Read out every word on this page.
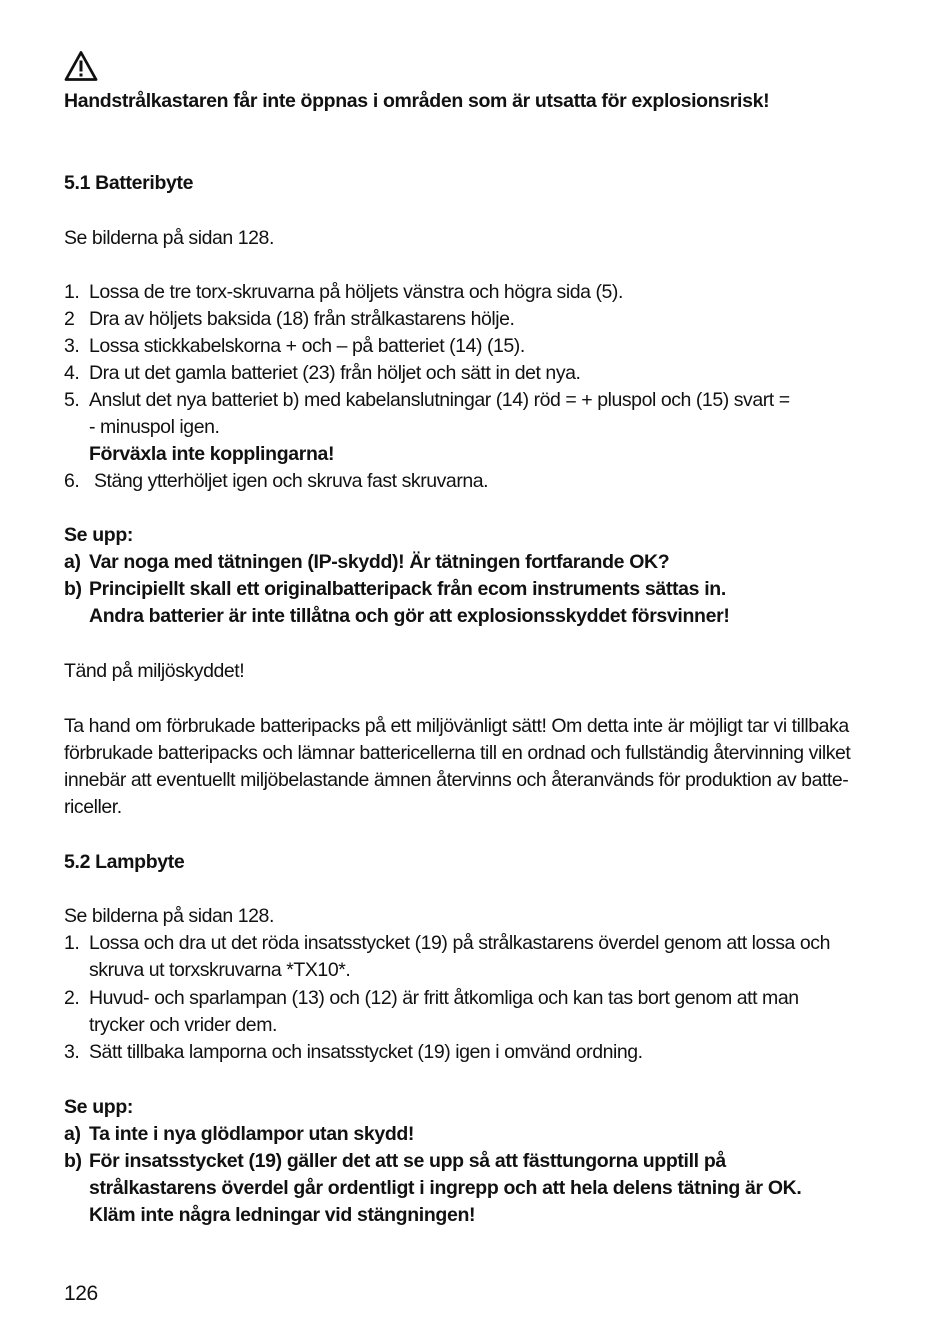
Handstrålkastaren får inte öppnas i områden som är utsatta för explosionsrisk!
5.1 Batteribyte
Se bilderna på sidan 128.
1. Lossa de tre torx-skruvarna på höljets vänstra och högra sida (5).
2 Dra av höljets baksida (18) från strålkastarens hölje.
3. Lossa stickkabelskorna + och – på batteriet (14) (15).
4. Dra ut det gamla batteriet (23) från höljet och sätt in det nya.
5. Anslut det nya batteriet b) med kabelanslutningar (14) röd = + pluspol och (15) svart =
- minuspol igen.
Förväxla inte kopplingarna!
6. Stäng ytterhöljet igen och skruva fast skruvarna.
Se upp:
a) Var noga med tätningen (IP-skydd)! Är tätningen fortfarande OK?
b) Principiellt skall ett originalbatteripack från ecom instruments sättas in.
Andra batterier är inte tillåtna och gör att explosionsskyddet försvinner!
Tänd på miljöskyddet!
Ta hand om förbrukade batteripacks på ett miljövänligt sätt! Om detta inte är möjligt tar vi tillbaka
förbrukade batteripacks och lämnar battericellerna till en ordnad och fullständig återvinning vilket
innebär att eventuellt miljöbelastande ämnen återvinns och återanvänds för produktion av batte-
riceller.
5.2 Lampbyte
Se bilderna på sidan 128.
1. Lossa och dra ut det röda insatsstycket (19) på strålkastarens överdel genom att lossa och
skruva ut torxskruvarna *TX10*.
2. Huvud- och sparlampan (13) och (12) är fritt åtkomliga och kan tas bort genom att man
trycker och vrider dem.
3. Sätt tillbaka lamporna och insatsstycket (19) igen i omvänd ordning.
Se upp:
a) Ta inte i nya glödlampor utan skydd!
b) För insatsstycket (19) gäller det att se upp så att fästtungorna upptill på
strålkastarens överdel går ordentligt i ingrepp och att hela delens tätning är OK.
Kläm inte några ledningar vid stängningen!
126
